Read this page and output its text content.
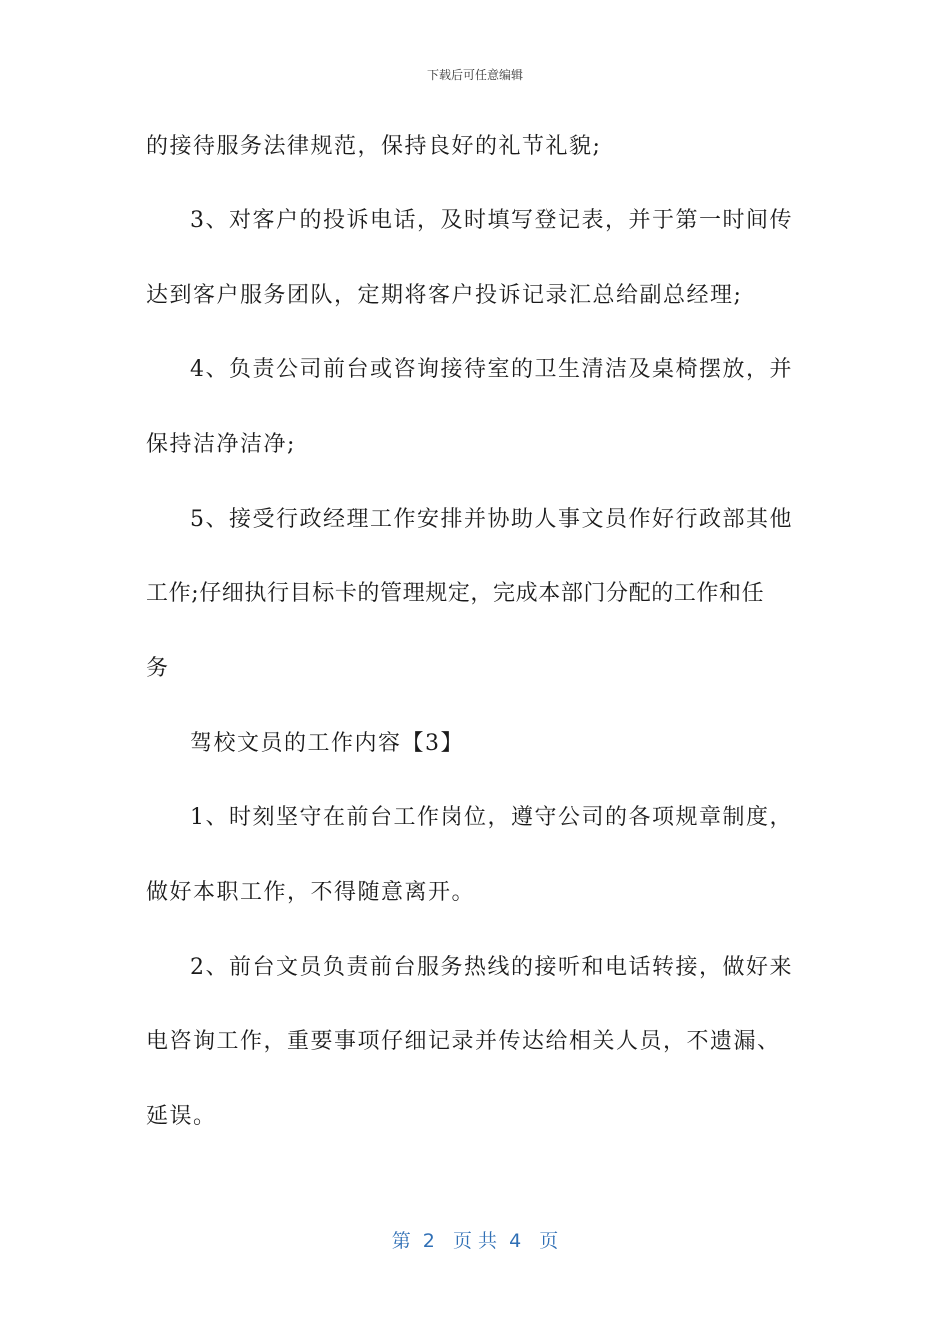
下载后可任意编辑
的接待服务法律规范，保持良好的礼节礼貌;
3、对客户的投诉电话，及时填写登记表，并于第一时间传
达到客户服务团队，定期将客户投诉记录汇总给副总经理;
4、负责公司前台或咨询接待室的卫生清洁及桌椅摆放，并
保持洁净洁净;
5、接受行政经理工作安排并协助人事文员作好行政部其他
工作;仔细执行目标卡的管理规定，完成本部门分配的工作和任
务
驾校文员的工作内容【3】
1、时刻坚守在前台工作岗位，遵守公司的各项规章制度，
做好本职工作，不得随意离开。
2、前台文员负责前台服务热线的接听和电话转接，做好来
电咨询工作，重要事项仔细记录并传达给相关人员，不遗漏、
延误。
第  2   页 共  4   页
